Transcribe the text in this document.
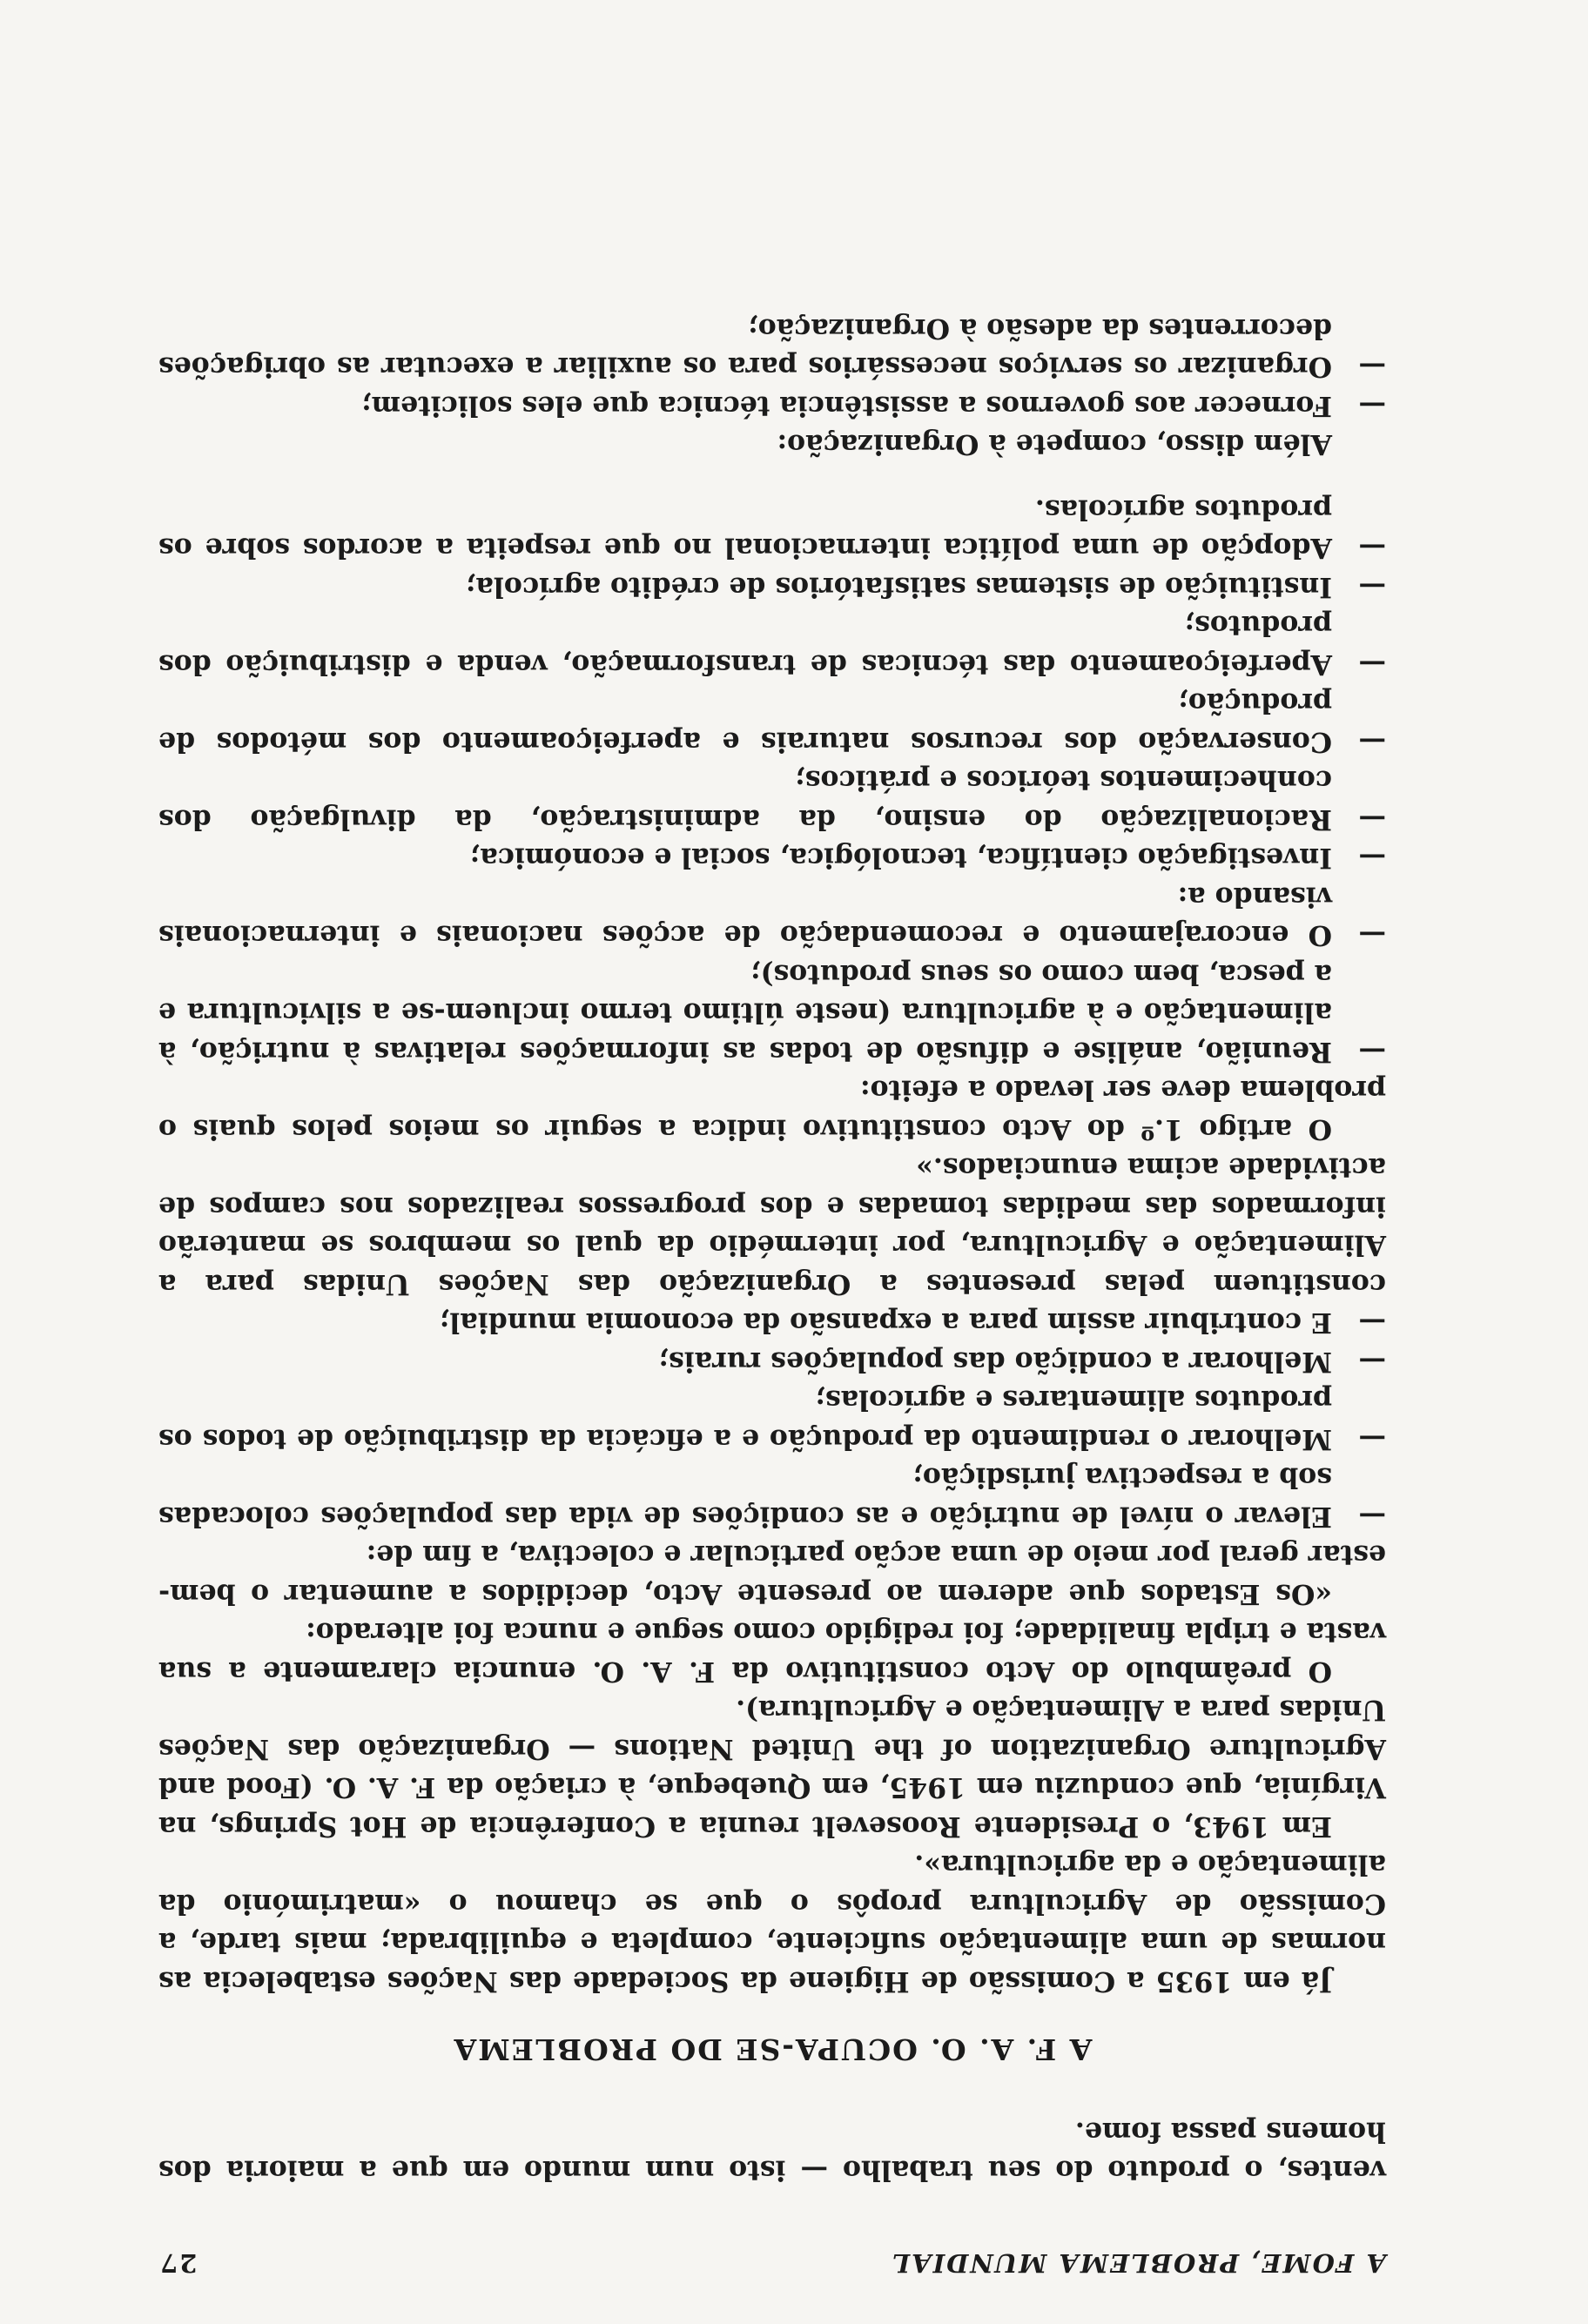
A FOME, PROBLEMA MUNDIAL
27

ventes, o produto do seu trabalho — isto num mundo em que a maioria dos homens passa fome.

A F. A. O. OCUPA-SE DO PROBLEMA

Já em 1935 a Comissão de Higiene da Sociedade das Nações estabelecia as normas de uma alimentação suficiente, completa e equilibrada; mais tarde, a Comissão de Agricultura propôs o que se chamou o «matrimónio da alimentação e da agricultura».

Em 1943, o Presidente Roosevelt reunia a Conferência de Hot Springs, na Virgínia, que conduziu em 1945, em Quebeque, à criação da F. A. O. (Food and Agriculture Organization of the United Nations — Organização das Nações Unidas para a Alimentação e Agricultura).

O preâmbulo do Acto constitutivo da F. A. O. enuncia claramente a sua vasta e tripla finalidade; foi redigido como segue e nunca foi alterado:

«Os Estados que aderem ao presente Acto, decididos a aumentar o bem-estar geral por meio de uma acção particular e colectiva, a fim de:

— Elevar o nível de nutrição e as condições de vida das populações colocadas sob a respectiva jurisdição;
— Melhorar o rendimento da produção e a eficácia da distribuição de todos os produtos alimentares e agrícolas;
— Melhorar a condição das populações rurais;
— E contribuir assim para a expansão da economia mundial;

constituem pelas presentes a Organização das Nações Unidas para a Alimentação e Agricultura, por intermédio da qual os membros se manterão informados das medidas tomadas e dos progressos realizados nos campos de actividade acima enunciados.»

O artigo 1.º do Acto constitutivo indica a seguir os meios pelos quais o problema deve ser levado a efeito:

— Reunião, análise e difusão de todas as informações relativas à nutrição, à alimentação e à agricultura (neste último termo incluem-se a silvicultura e a pesca, bem como os seus produtos);
— O encorajamento e recomendação de acções nacionais e internacionais visando a:
— Investigação científica, tecnológica, social e económica;
— Racionalização do ensino, da administração, da divulgação dos conhecimentos teóricos e práticos;
— Conservação dos recursos naturais e aperfeiçoamento dos métodos de produção;
— Aperfeiçoamento das técnicas de transformação, venda e distribuição dos produtos;
— Instituição de sistemas satisfatórios de crédito agrícola;
— Adopção de uma política internacional no que respeita a acordos sobre os produtos agrícolas.

Além disso, compete à Organização:

— Fornecer aos governos a assistência técnica que eles solicitem;
— Organizar os serviços necessários para os auxiliar a executar as obrigações decorrentes da adesão à Organização;
